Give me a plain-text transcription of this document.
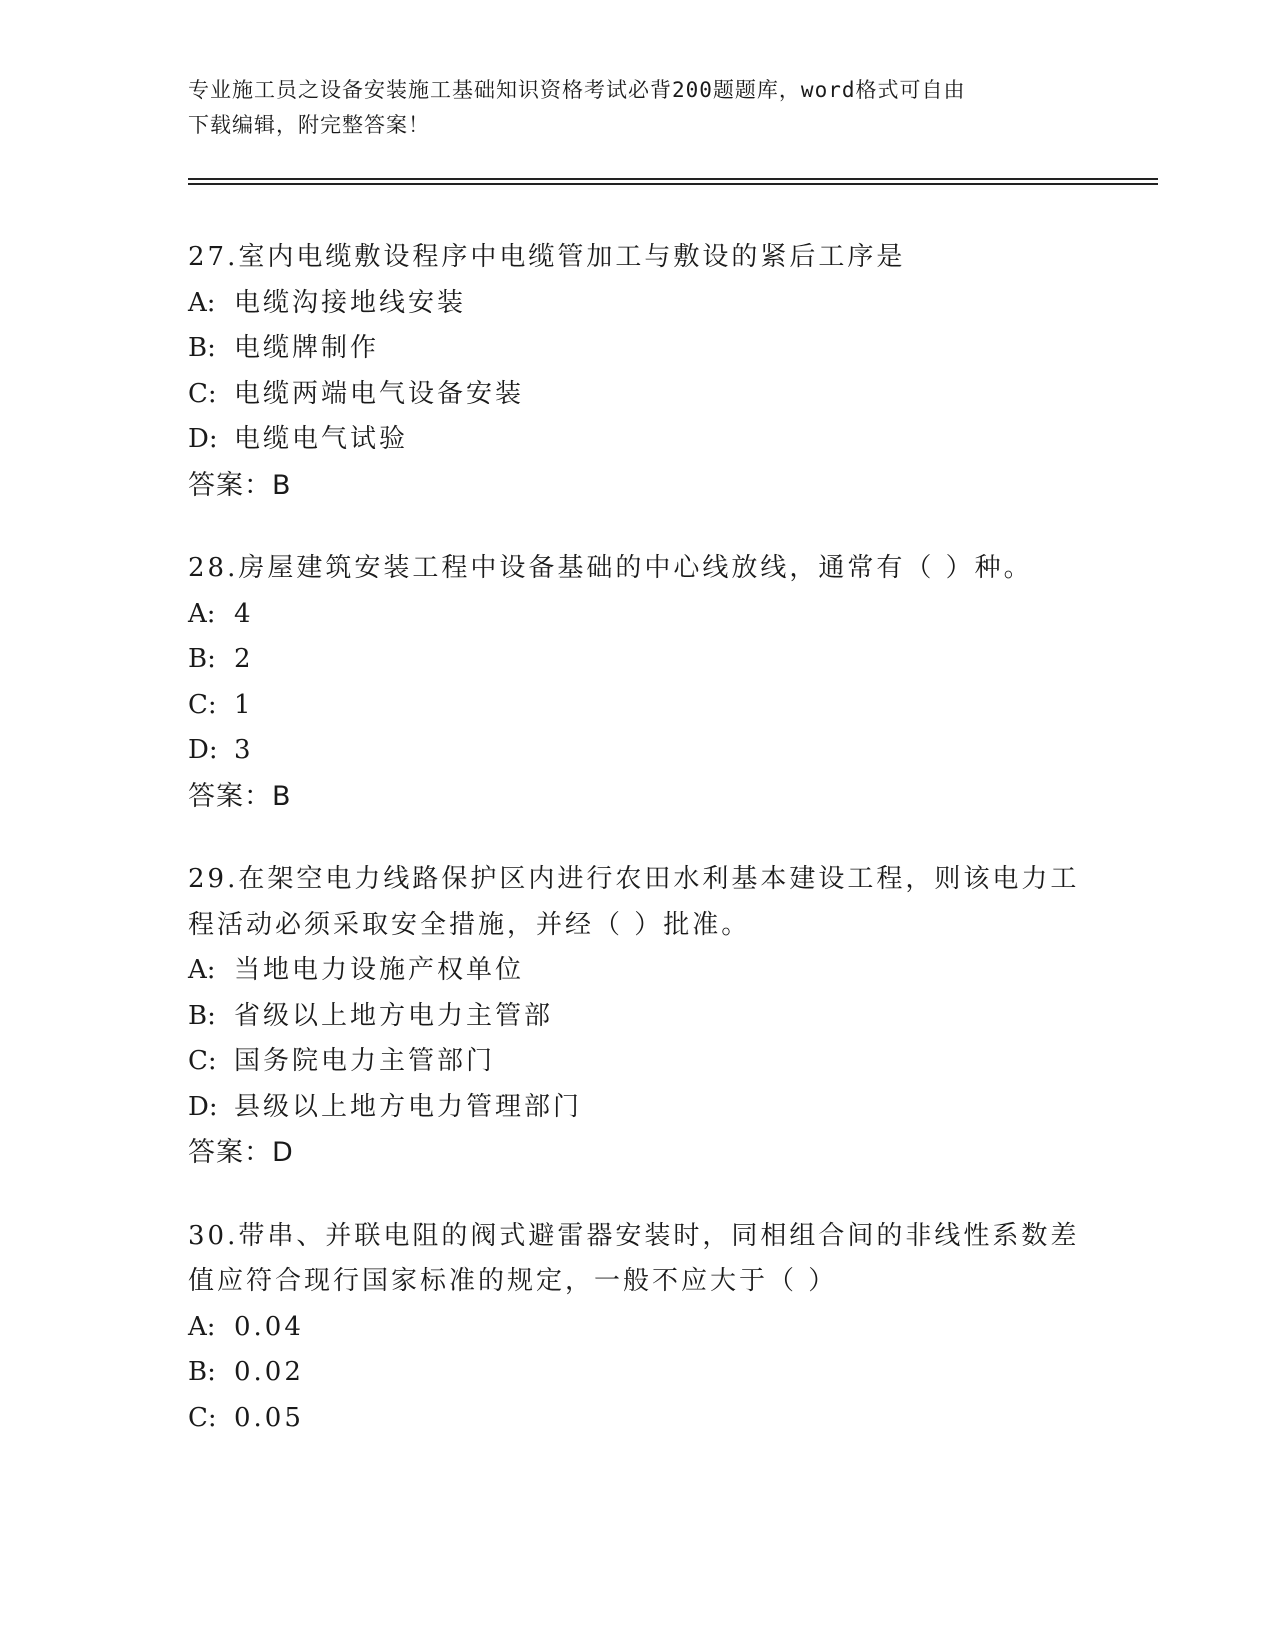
专业施工员之设备安装施工基础知识资格考试必背200题题库，word格式可自由
下载编辑，附完整答案！

27.室内电缆敷设程序中电缆管加工与敷设的紧后工序是

A: 电缆沟接地线安装
B: 电缆牌制作
C: 电缆两端电气设备安装
D: 电缆电气试验
答案：B

28.房屋建筑安装工程中设备基础的中心线放线，通常有（ ）种。

A: 4
B: 2
C: 1
D: 3
答案：B

29.在架空电力线路保护区内进行农田水利基本建设工程，则该电力工程活动必须采取安全措施，并经（ ）批准。

A: 当地电力设施产权单位
B: 省级以上地方电力主管部
C: 国务院电力主管部门
D: 县级以上地方电力管理部门
答案：D

30.带串、并联电阻的阀式避雷器安装时，同相组合间的非线性系数差值应符合现行国家标准的规定，一般不应大于（ ）

A: 0.04
B: 0.02
C: 0.05
